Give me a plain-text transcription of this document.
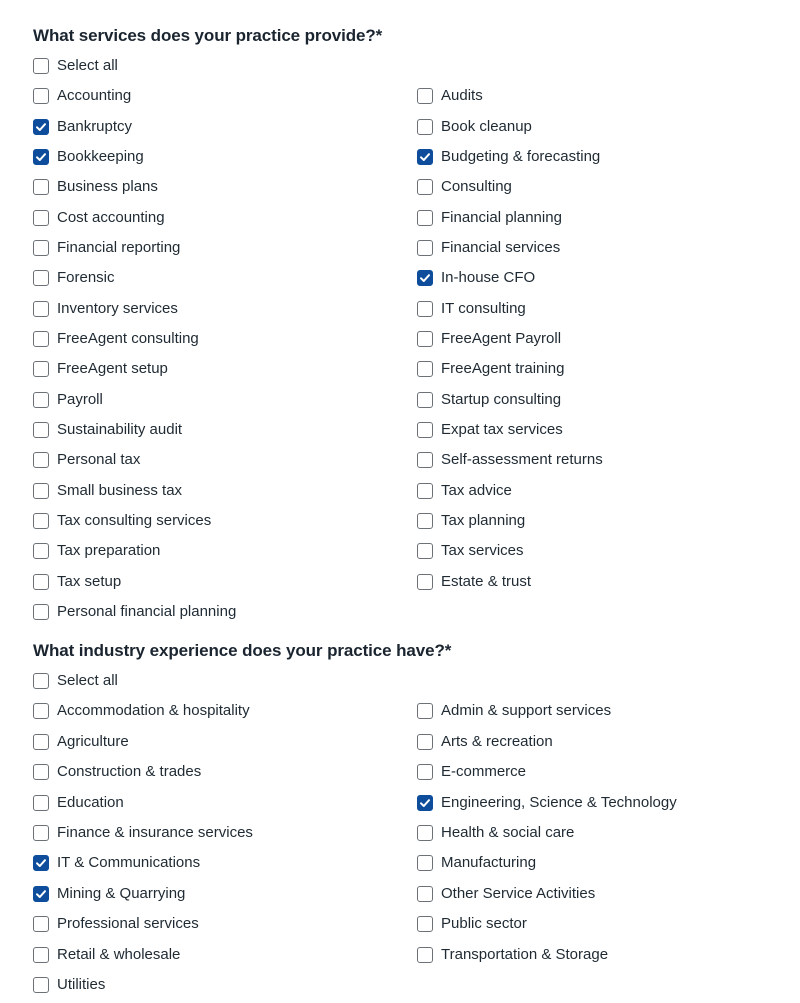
What services does your practice provide?*
Select all
Accounting	Audits
Bankruptcy	Book cleanup
Bookkeeping	Budgeting & forecasting
Business plans	Consulting
Cost accounting	Financial planning
Financial reporting	Financial services
Forensic	In-house CFO
Inventory services	IT consulting
FreeAgent consulting	FreeAgent Payroll
FreeAgent setup	FreeAgent training
Payroll	Startup consulting
Sustainability audit	Expat tax services
Personal tax	Self-assessment returns
Small business tax	Tax advice
Tax consulting services	Tax planning
Tax preparation	Tax services
Tax setup	Estate & trust
Personal financial planning
What industry experience does your practice have?*
Select all
Accommodation & hospitality	Admin & support services
Agriculture	Arts & recreation
Construction & trades	E-commerce
Education	Engineering, Science & Technology
Finance & insurance services	Health & social care
IT & Communications	Manufacturing
Mining & Quarrying	Other Service Activities
Professional services	Public sector
Retail & wholesale	Transportation & Storage
Utilities
